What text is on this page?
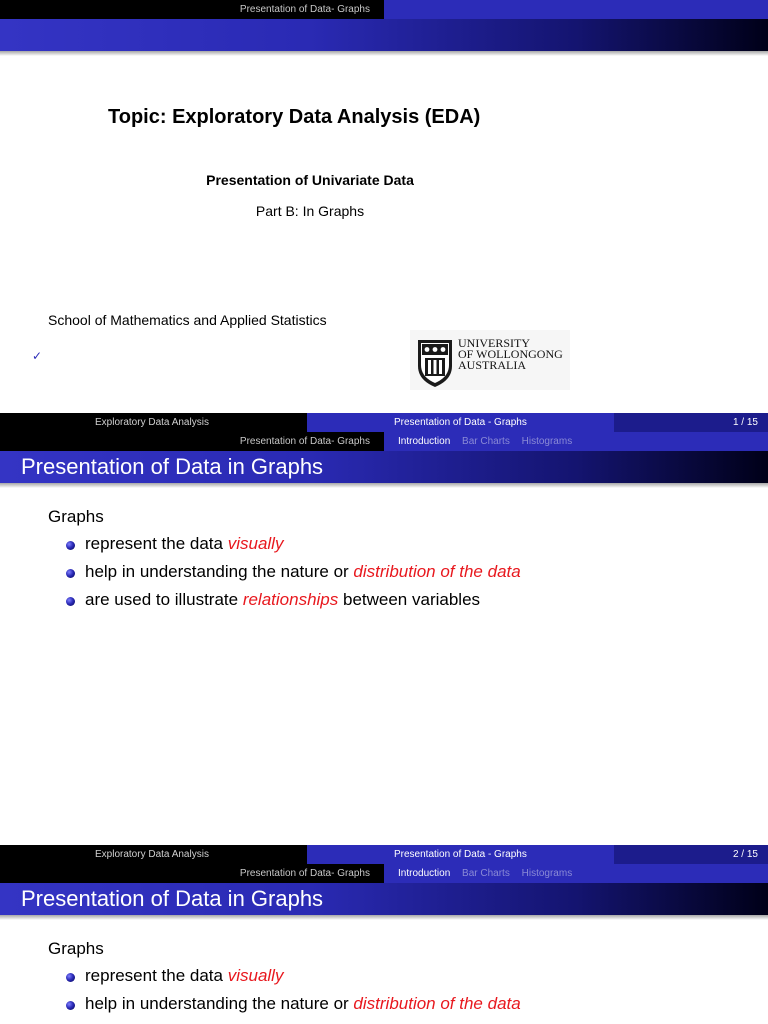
Presentation of Data- Graphs
Topic: Exploratory Data Analysis (EDA)
Presentation of Univariate Data
Part B: In Graphs
School of Mathematics and Applied Statistics
✓
UNIVERSITY
OF WOLLONGONG
AUSTRALIA
Exploratory Data Analysis	Presentation of Data - Graphs	1 / 15
Presentation of Data- Graphs	Introduction Bar Charts Histograms
Presentation of Data in Graphs
Graphs
represent the data visually
help in understanding the nature or distribution of the data
are used to illustrate relationships between variables
Exploratory Data Analysis	Presentation of Data - Graphs	2 / 15
Presentation of Data- Graphs	Introduction Bar Charts Histograms
Presentation of Data in Graphs
Graphs
represent the data visually
help in understanding the nature or distribution of the data
